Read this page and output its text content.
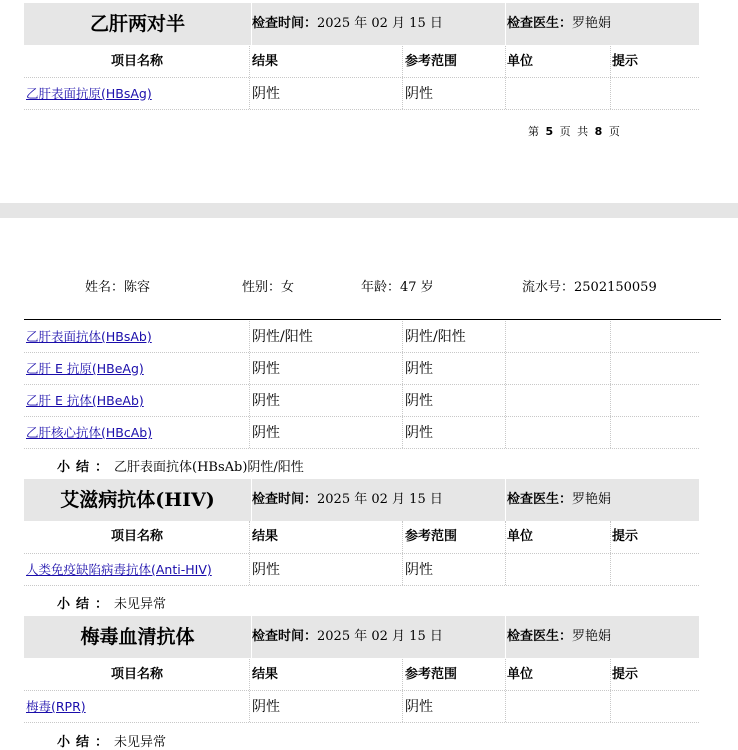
乙肝两对半	检查时间：2025 年 02 月 15 日	检查医生：罗艳娟
项目名称	结果	参考范围	单位	提示
乙肝表面抗原(HBsAg)	阴性	阴性
第 5 页 共 8 页
姓名：陈容	性别：女	年龄：47 岁	流水号：2502150059
乙肝表面抗体(HBsAb)	阴性/阳性	阴性/阳性
乙肝 E 抗原(HBeAg)	阴性	阴性
乙肝 E 抗体(HBeAb)	阴性	阴性
乙肝核心抗体(HBcAb)	阴性	阴性
小结：乙肝表面抗体(HBsAb)阴性/阳性
艾滋病抗体(HIV)	检查时间：2025 年 02 月 15 日	检查医生：罗艳娟
项目名称	结果	参考范围	单位	提示
人类免疫缺陷病毒抗体(Anti-HIV)	阴性	阴性
小结：未见异常
梅毒血清抗体	检查时间：2025 年 02 月 15 日	检查医生：罗艳娟
项目名称	结果	参考范围	单位	提示
梅毒(RPR)	阴性	阴性
小结：未见异常
